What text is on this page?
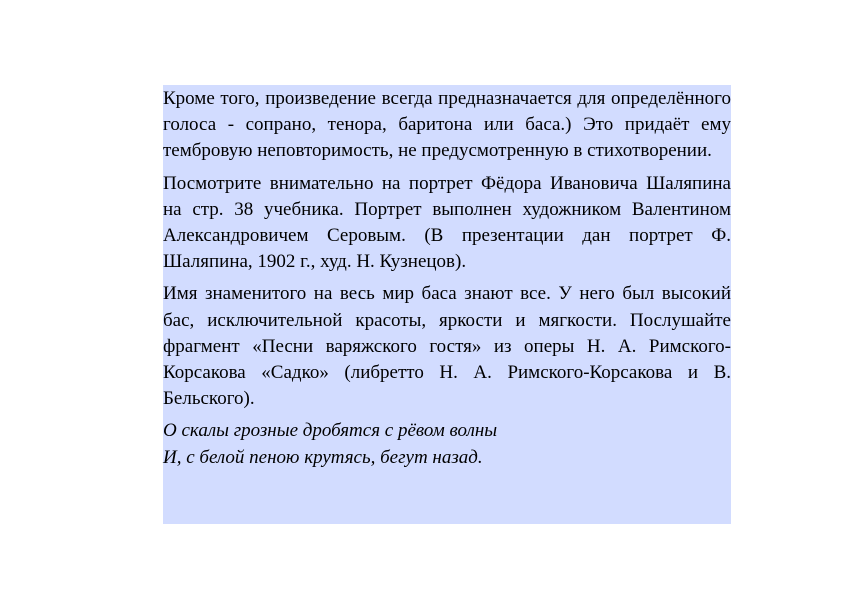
Кроме того, произведение всегда предназначается для определённого голоса - сопрано, тенора, баритона или баса.) Это придаёт ему тембровую неповторимость, не предусмотренную в стихотворении.

Посмотрите внимательно на портрет Фёдора Ивановича Шаляпина на стр. 38 учебника. Портрет выполнен художником Валентином Александровичем Серовым. (В презентации дан портрет Ф. Шаляпина, 1902 г., худ. Н. Кузнецов).

Имя знаменитого на весь мир баса знают все. У него был высокий бас, исключительной красоты, яркости и мягкости. Послушайте фрагмент «Песни варяжского гостя» из оперы Н. А. Римского-Корсакова «Садко» (либретто Н. А. Римского-Корсакова и В. Бельского).

О скалы грозные дробятся с рёвом волны
И, с белой пеною крутясь, бегут назад.
